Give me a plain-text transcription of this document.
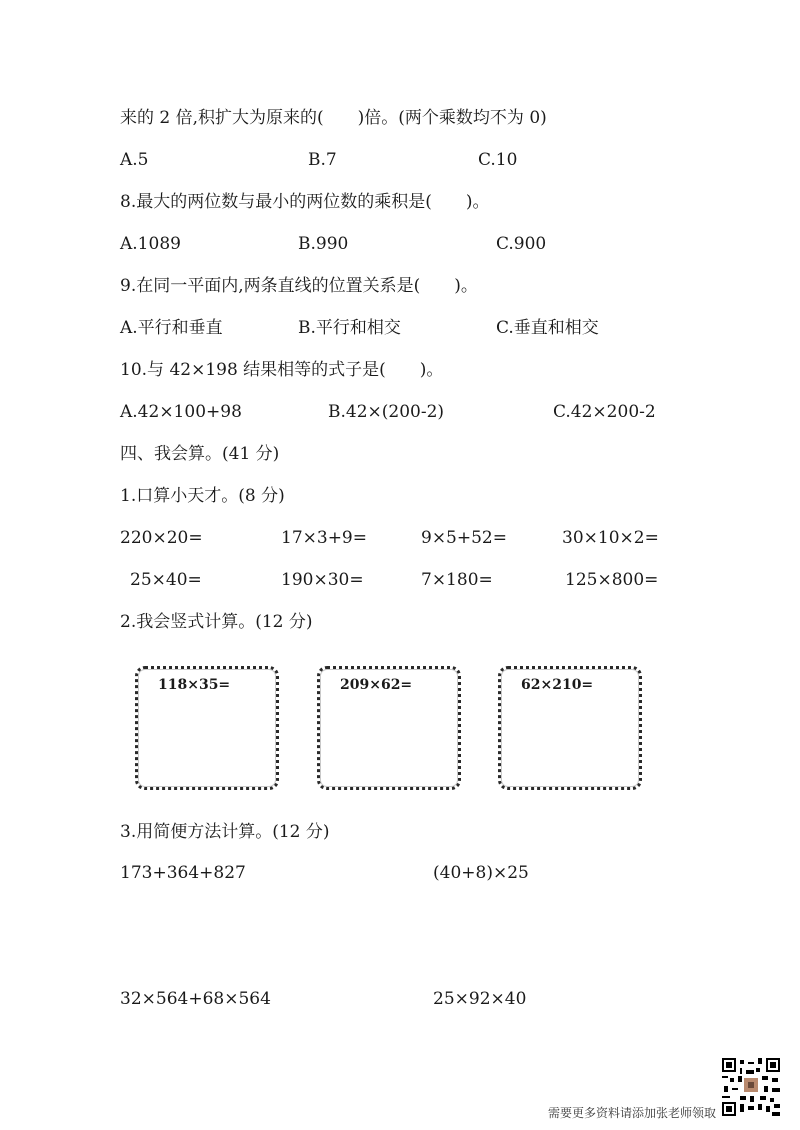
来的 2 倍,积扩大为原来的(　　)倍。(两个乘数均不为 0)
A.5	B.7	C.10
8.最大的两位数与最小的两位数的乘积是(　　)。
A.1089	B.990	C.900
9.在同一平面内,两条直线的位置关系是(　　)。
A.平行和垂直	B.平行和相交	C.垂直和相交
10.与 42×198 结果相等的式子是(　　)。
A.42×100+98	B.42×(200-2)	C.42×200-2
四、我会算。(41 分)
1.口算小天才。(8 分)
220×20=	17×3+9=	9×5+52=	30×10×2=
25×40=	190×30=	7×180=	125×800=
2.我会竖式计算。(12 分)
118×35=	209×62=	62×210=
3.用简便方法计算。(12 分)
173+364+827	(40+8)×25
32×564+68×564	25×92×40
需要更多资料请添加张老师领取
